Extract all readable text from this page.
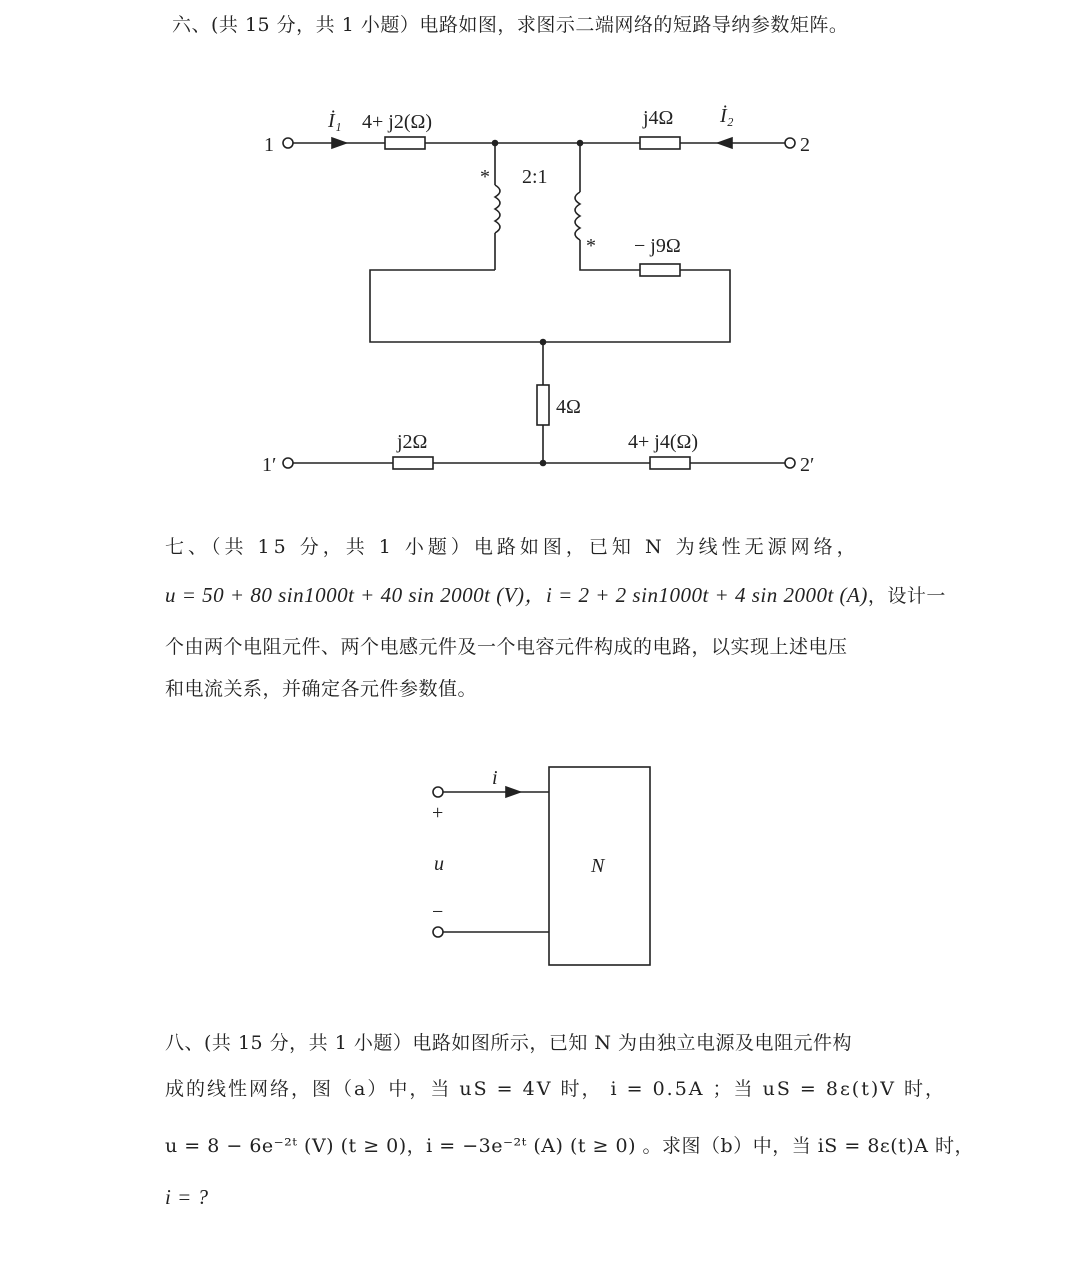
六、(共 15 分，共 1 小题）电路如图，求图示二端网络的短路导纳参数矩阵。
1	2
1′	2′
İ₁	İ₂
4+ j2(Ω)	j4Ω
2:1
*
* − j9Ω
4Ω
j2Ω	4+ j4(Ω)
i
+
u
−
N
七、（共 15 分，共 1 小题）电路如图，已知 N 为线性无源网络，
u = 50 + 80 sin1000t + 40 sin 2000t (V)，i = 2 + 2 sin1000t + 4 sin 2000t (A)，设计一
个由两个电阻元件、两个电感元件及一个电容元件构成的电路，以实现上述电压
和电流关系，并确定各元件参数值。
八、(共 15 分，共 1 小题）电路如图所示，已知 N 为由独立电源及电阻元件构
成的线性网络，图（a）中，当 uS = 4V 时， i = 0.5A ；当 uS = 8ε(t)V 时，
u = 8 − 6e⁻²ᵗ (V) (t ≥ 0)，i = −3e⁻²ᵗ (A) (t ≥ 0) 。求图（b）中，当 iS = 8ε(t)A 时，
i = ?
